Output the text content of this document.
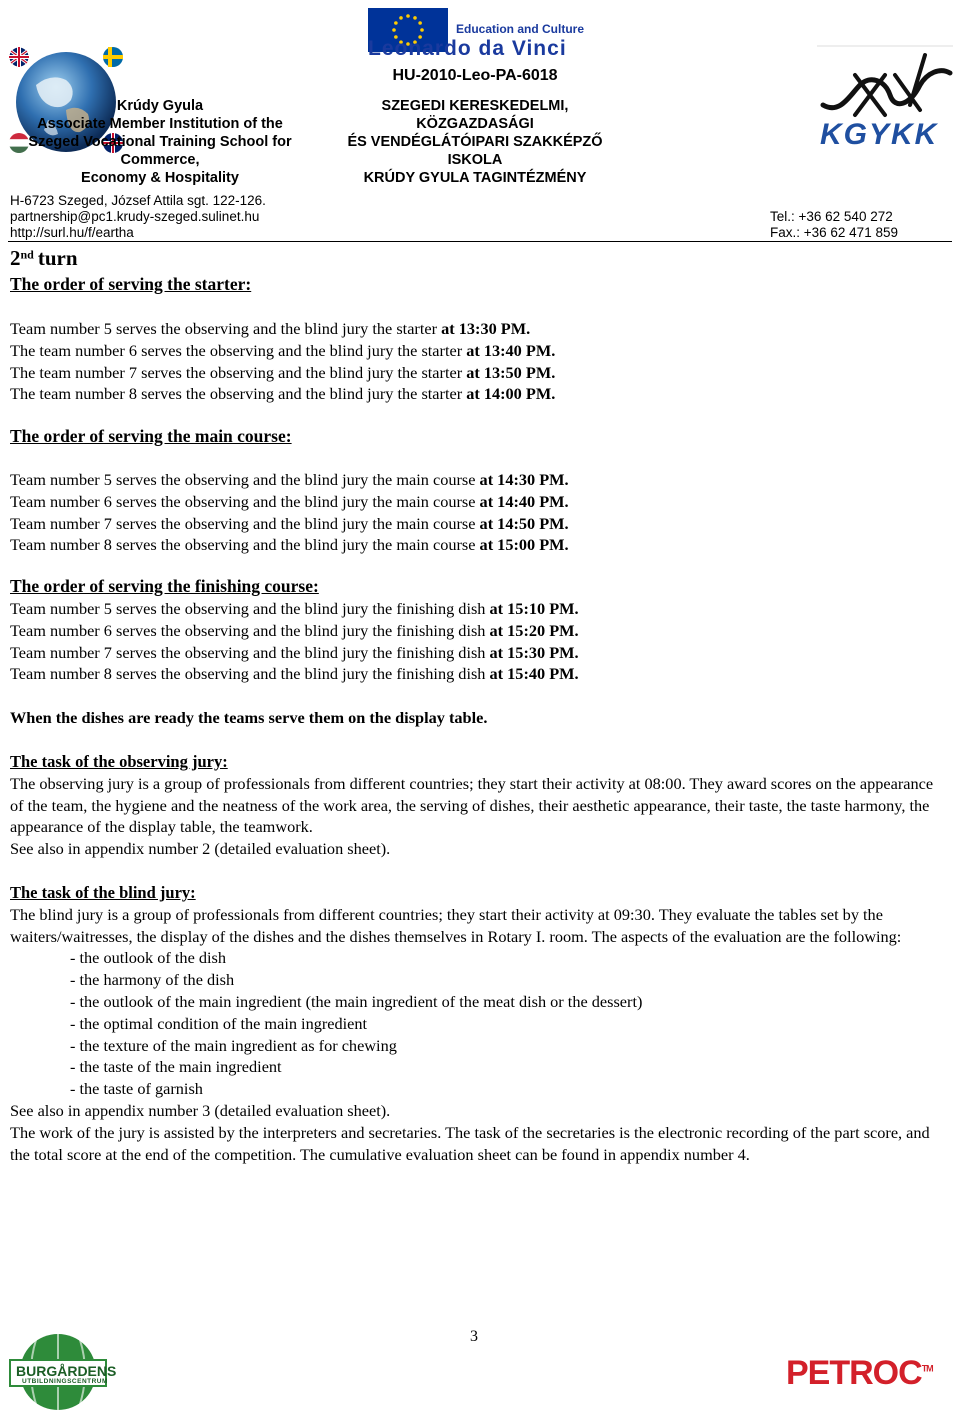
Education and Culture
Leonardo da Vinci
KGYKK
HU-2010-Leo-PA-6018
Krúdy Gyula
Associate Member Institution of the
Szeged Vocational Training School for
Commerce,
Economy & Hospitality
SZEGEDI KERESKEDELMI,
KÖZGAZDASÁGI
ÉS VENDÉGLÁTÓIPARI SZAKKÉPZŐ
ISKOLA
KRÚDY GYULA TAGINTÉZMÉNY
H-6723 Szeged, József Attila sgt. 122-126.
partnership@pc1.krudy-szeged.sulinet.hu
http://surl.hu/f/eartha
Tel.: +36 62 540 272
Fax.: +36 62 471 859
2nd turn
The order of serving the starter:

Team number 5 serves the observing and the blind jury the starter at 13:30 PM.

The team number 6 serves the observing and the blind jury the starter at 13:40 PM.

The team number 7 serves the observing and the blind jury the starter at 13:50 PM.

The team number 8 serves the observing and the blind jury the starter at 14:00 PM.

The order of serving the main course:

Team number 5 serves the observing and the blind jury the main course at 14:30 PM.

Team number 6 serves the observing and the blind jury the main course at 14:40 PM.

Team number 7 serves the observing and the blind jury the main course at 14:50 PM.

Team number 8 serves the observing and the blind jury the main course at 15:00 PM.

The order of serving the finishing course:

Team number 5 serves the observing and the blind jury the finishing dish at 15:10 PM.

Team number 6 serves the observing and the blind jury the finishing dish at 15:20 PM.

Team number 7 serves the observing and the blind jury the finishing dish at 15:30 PM.

Team number 8 serves the observing and the blind jury the finishing dish at 15:40 PM.

When the dishes are ready the teams serve them on the display table.

The task of the observing jury:

The observing jury is a group of professionals from different countries; they start their activity at 08:00. They award scores on the appearance of the team, the hygiene and the neatness of the work area, the serving of dishes, their aesthetic appearance, their taste, the taste harmony, the appearance of the display table, the teamwork.

See also in appendix number 2 (detailed evaluation sheet).

The task of the blind jury:

The blind jury is a group of professionals from different countries; they start their activity at 09:30. They evaluate the tables set by the waiters/waitresses, the display of the dishes and the dishes themselves in Rotary I. room. The aspects of the evaluation are the following:

- the outlook of the dish

- the harmony of the dish

- the outlook of the main ingredient (the main ingredient of the meat dish or the dessert)

- the optimal condition of the main ingredient

- the texture of the main ingredient as for chewing

- the taste of the main ingredient

- the taste of garnish

See also in appendix number 3 (detailed evaluation sheet).

The work of the jury is assisted by the interpreters and secretaries. The task of the secretaries is the electronic recording of the part score, and the total score at the end of the competition. The cumulative evaluation sheet can be found in appendix number 4.

3
BURGÅRDENS
UTBILDNINGSCENTRUM	PETROC™
